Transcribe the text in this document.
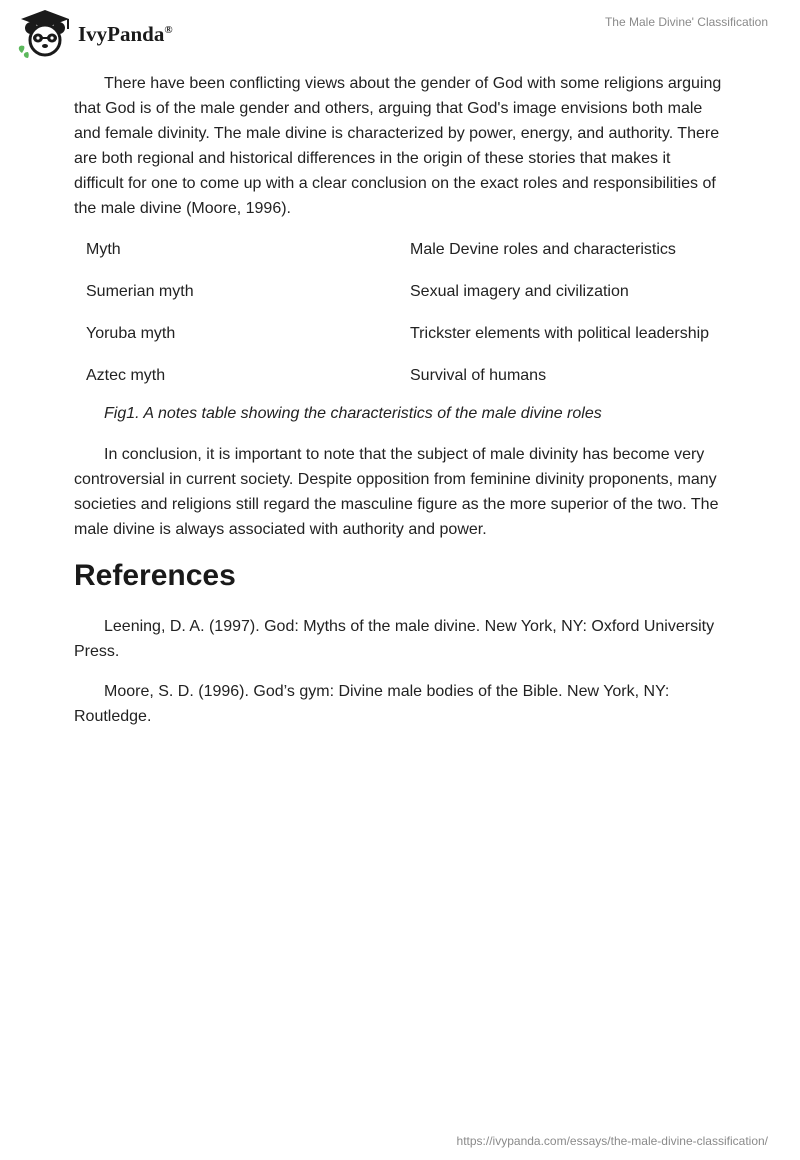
IvyPanda®
The Male Divine' Classification

There have been conflicting views about the gender of God with some religions arguing that God is of the male gender and others, arguing that God's image envisions both male and female divinity. The male divine is characterized by power, energy, and authority. There are both regional and historical differences in the origin of these stories that makes it difficult for one to come up with a clear conclusion on the exact roles and responsibilities of the male divine (Moore, 1996).

Myth	Male Devine roles and characteristics
Sumerian myth	Sexual imagery and civilization
Yoruba myth	Trickster elements with political leadership
Aztec myth	Survival of humans

Fig1. A notes table showing the characteristics of the male divine roles

In conclusion, it is important to note that the subject of male divinity has become very controversial in current society. Despite opposition from feminine divinity proponents, many societies and religions still regard the masculine figure as the more superior of the two. The male divine is always associated with authority and power.

References

Leening, D. A. (1997). God: Myths of the male divine. New York, NY: Oxford University Press.

Moore, S. D. (1996). God’s gym: Divine male bodies of the Bible. New York, NY: Routledge.

https://ivypanda.com/essays/the-male-divine-classification/
